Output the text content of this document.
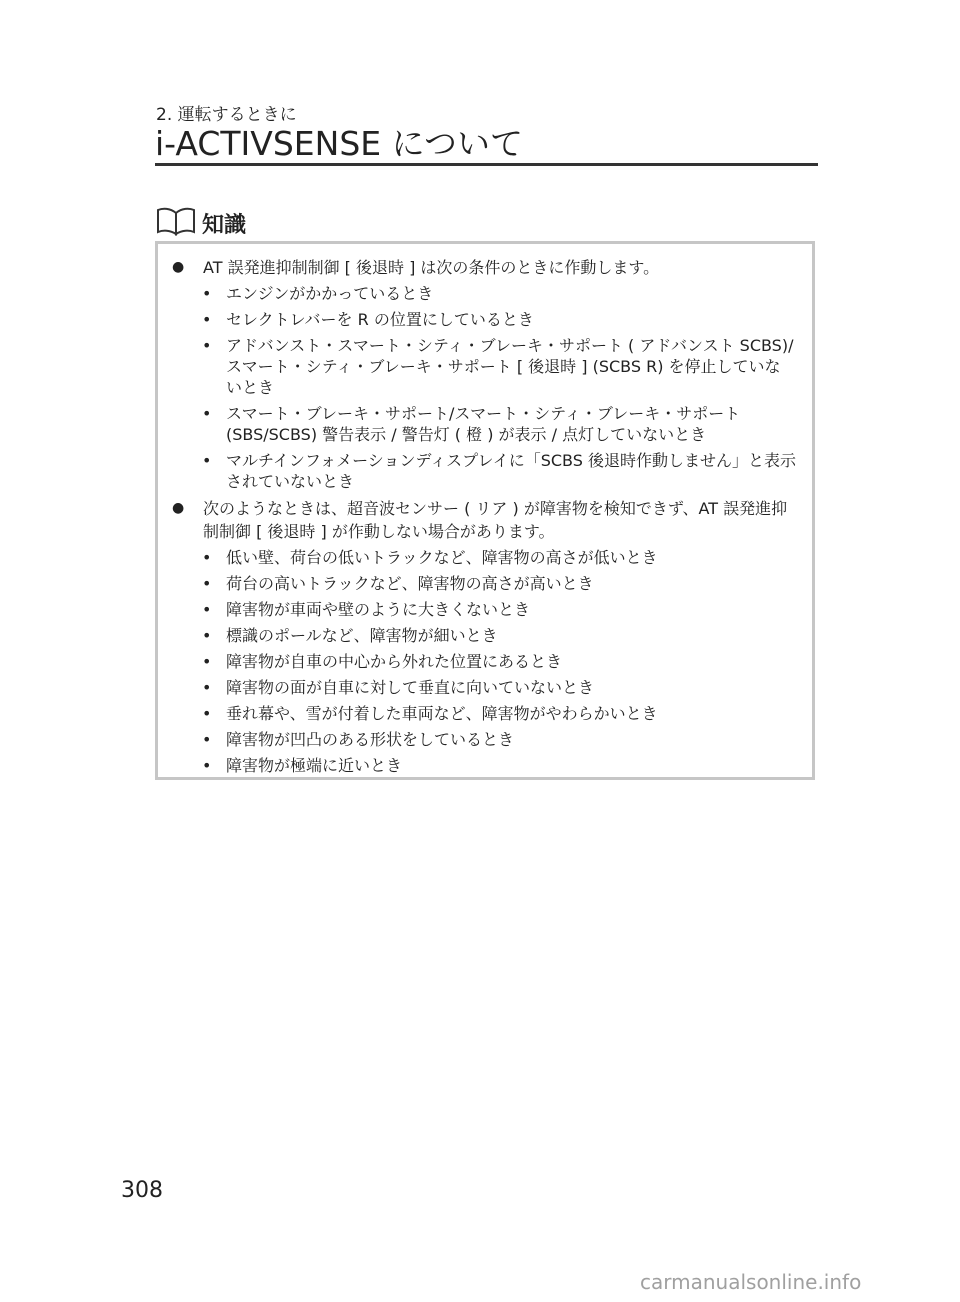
2. 運転するときに
i-ACTIVSENSE について
知識
● AT 誤発進抑制制御 [ 後退時 ] は次の条件のときに作動します。
• エンジンがかかっているとき
• セレクトレバーを R の位置にしているとき
• アドバンスト・スマート・シティ・ブレーキ・サポート ( アドバンスト SCBS)/ スマート・シティ・ブレーキ・サポート [ 後退時 ] (SCBS R) を停止していないとき
• スマート・ブレーキ・サポート/スマート・シティ・ブレーキ・サポート (SBS/SCBS) 警告表示 / 警告灯 ( 橙 ) が表示 / 点灯していないとき
• マルチインフォメーションディスプレイに「SCBS 後退時作動しません」と表示されていないとき
● 次のようなときは、超音波センサー ( リア ) が障害物を検知できず、AT 誤発進抑制制御 [ 後退時 ] が作動しない場合があります。
• 低い壁、荷台の低いトラックなど、障害物の高さが低いとき
• 荷台の高いトラックなど、障害物の高さが高いとき
• 障害物が車両や壁のように大きくないとき
• 標識のポールなど、障害物が細いとき
• 障害物が自車の中心から外れた位置にあるとき
• 障害物の面が自車に対して垂直に向いていないとき
• 垂れ幕や、雪が付着した車両など、障害物がやわらかいとき
• 障害物が凹凸のある形状をしているとき
• 障害物が極端に近いとき
308
carmanualsonline.info
